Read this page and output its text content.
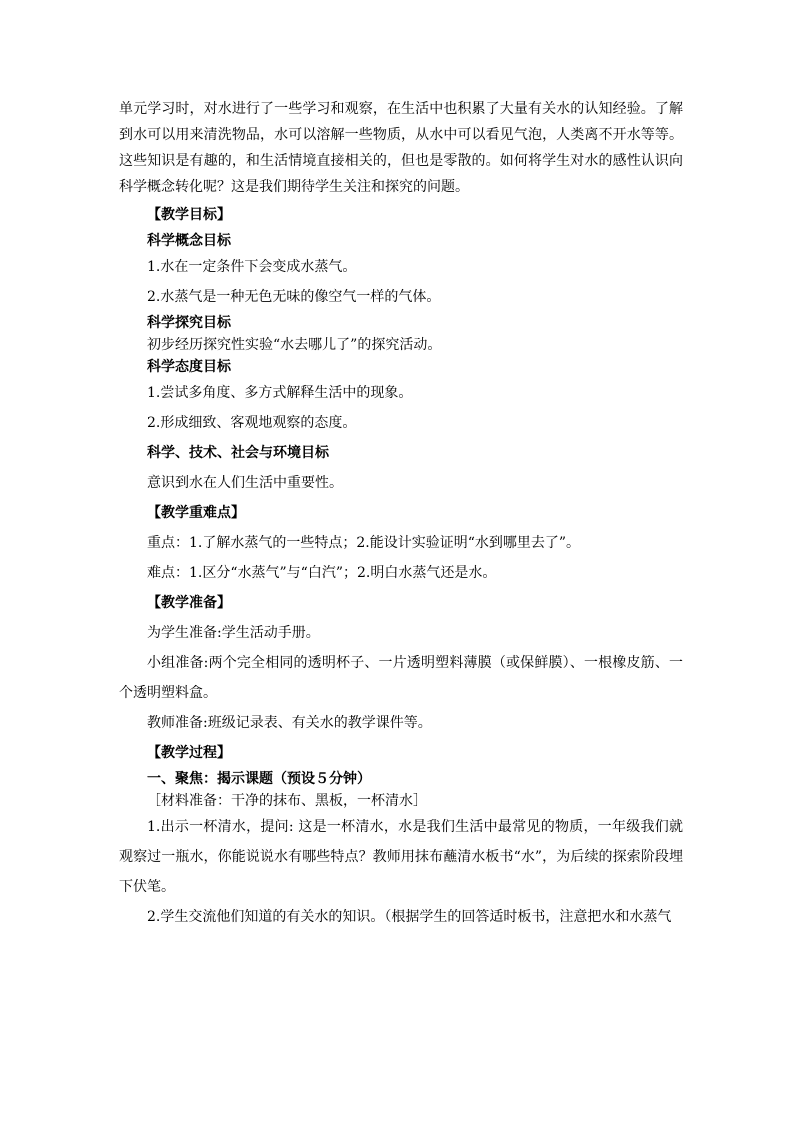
单元学习时，对水进行了一些学习和观察，在生活中也积累了大量有关水的认知经验。了解到水可以用来清洗物品，水可以溶解一些物质，从水中可以看见气泡，人类离不开水等等。这些知识是有趣的，和生活情境直接相关的，但也是零散的。如何将学生对水的感性认识向科学概念转化呢？这是我们期待学生关注和探究的问题。

【教学目标】
科学概念目标
1.水在一定条件下会变成水蒸气。
2.水蒸气是一种无色无味的像空气一样的气体。
科学探究目标
初步经历探究性实验“水去哪儿了”的探究活动。
科学态度目标
1.尝试多角度、多方式解释生活中的现象。
2.形成细致、客观地观察的态度。
科学、技术、社会与环境目标
意识到水在人们生活中重要性。
【教学重难点】
重点：1.了解水蒸气的一些特点；2.能设计实验证明“水到哪里去了”。
难点：1.区分“水蒸气”与“白汽”；2.明白水蒸气还是水。
【教学准备】
为学生准备:学生活动手册。

小组准备:两个完全相同的透明杯子、一片透明塑料薄膜（或保鲜膜）、一根橡皮筋、一个透明塑料盒。

教师准备:班级记录表、有关水的教学课件等。
【教学过程】
一、聚焦：揭示课题（预设５分钟）
［材料准备：干净的抹布、黑板，一杯清水］

1.出示一杯清水，提问: 这是一杯清水，水是我们生活中最常见的物质，一年级我们就观察过一瓶水，你能说说水有哪些特点？教师用抹布蘸清水板书“水”，为后续的探索阶段埋下伏笔。

2.学生交流他们知道的有关水的知识。（根据学生的回答适时板书，注意把水和水蒸气
